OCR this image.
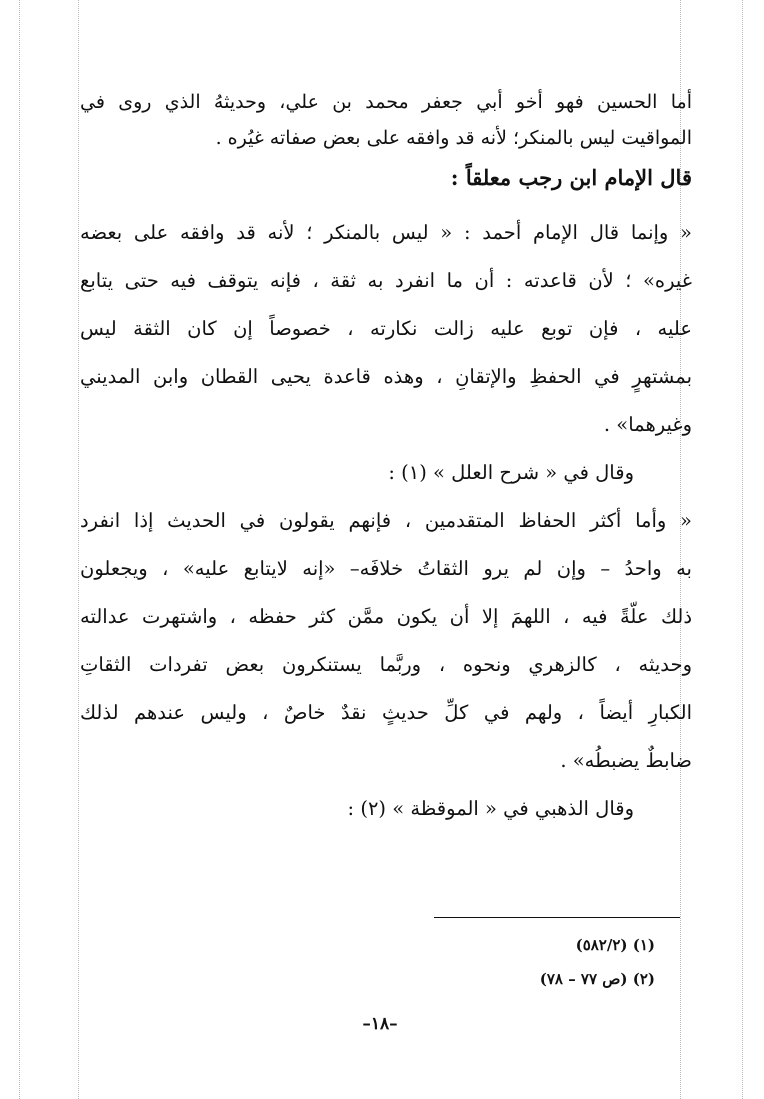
أما الحسين فهو أخو أبي جعفر محمد بن علي، وحديثهُ الذي روى في
المواقيت ليس بالمنكر؛ لأنه قد وافقه على بعض صفاته غيُره .
قال الإمام ابن رجب معلقاً :
« وإنما قال الإمام أحمد : « ليس بالمنكر ؛ لأنه قد وافقه على بعضه
غيره» ؛ لأن قاعدته : أن ما انفرد به ثقة ، فإنه يتوقف فيه حتى يتابع
عليه ، فإن توبع عليه زالت نكارته ، خصوصاً إن كان الثقة ليس
بمشتهرٍ في الحفظِ والإتقانِ ، وهذه قاعدة يحيى القطان وابن المديني
وغيرهما» .
وقال في « شرح العلل » (١) :
« وأما أكثر الحفاظ المتقدمين ، فإنهم يقولون في الحديث إذا انفرد
به واحدُ – وإن لم يرو الثقاتُ خلافَه– «إنه لايتابع عليه» ، ويجعلون
ذلك علّةً فيه ، اللهمَ إلا أن يكون ممَّن كثر حفظه ، واشتهرت عدالته
وحديثه ، كالزهري ونحوه ، وربَّما يستنكرون بعض تفردات الثقاتِ
الكبارِ أيضاً ، ولهم في كلِّ حديثٍ نقدٌ خاصٌ ، وليس عندهم لذلك
ضابطٌ يضبطُه» .
وقال الذهبي في « الموقظة » (٢) :
(١) (٥٨٢/٢)
(٢) (ص ٧٧ – ٧٨)
–١٨–
